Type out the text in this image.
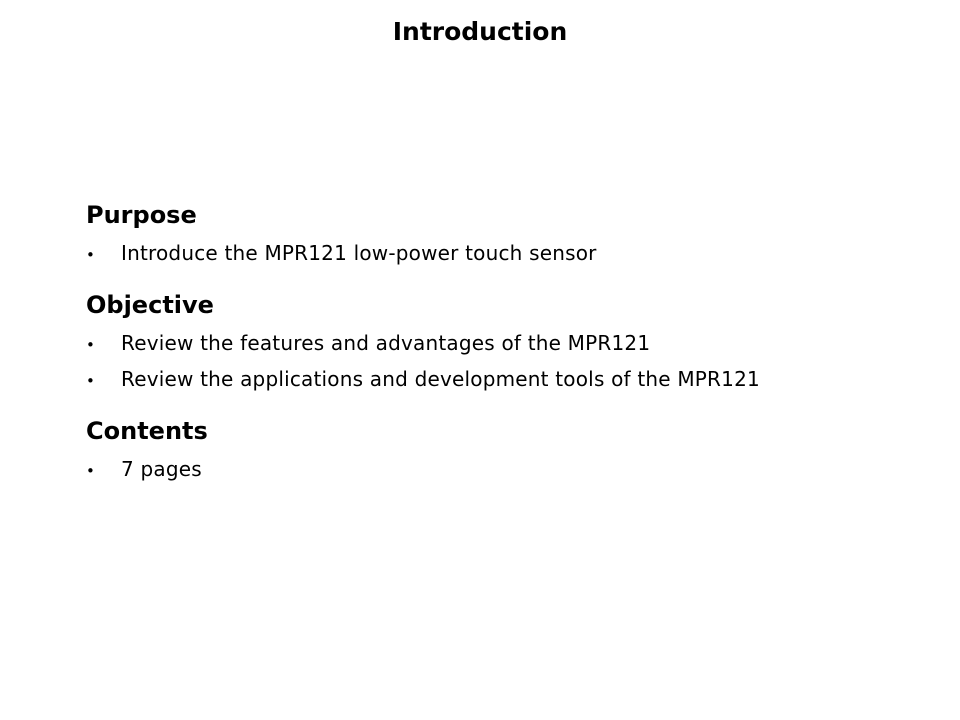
Introduction
Purpose
•	Introduce the MPR121 low-power touch sensor
Objective
•	Review the features and advantages of the MPR121
•	Review the applications and development tools of the MPR121
Contents
•	7 pages
